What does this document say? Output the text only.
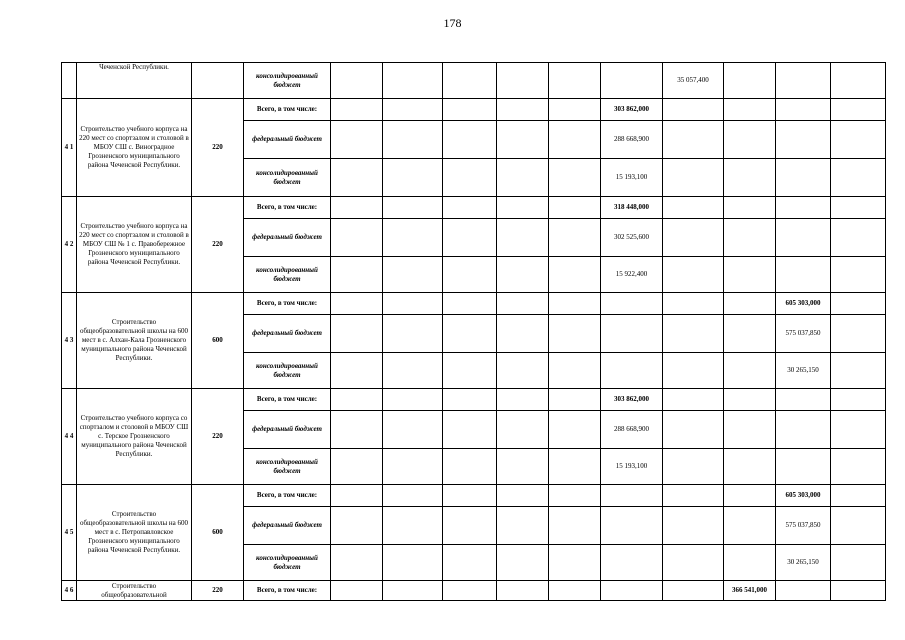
178
	Чеченской Республики.		консолидированный бюджет							35 057,400			
4 1	Строительство учебного корпуса на 220 мест со спортзалом и столовой в МБОУ СШ с. Виноградное Грозненского муниципального района Чеченской Республики.	220	Всего, в том числе:						303 862,000				
			федеральный бюджет						288 668,900				
			консолидированный бюджет						15 193,100				
4 2	Строительство учебного корпуса на 220 мест со спортзалом и столовой в МБОУ СШ № 1 с. Правобережное Грозненского муниципального района Чеченской Республики.	220	Всего, в том числе:						318 448,000				
			федеральный бюджет						302 525,600				
			консолидированный бюджет						15 922,400				
4 3	Строительство общеобразовательной школы на 600 мест в с. Алхан-Кала Грозненского муниципального района Чеченской Республики.	600	Всего, в том числе:									605 303,000	
			федеральный бюджет									575 037,850	
			консолидированный бюджет									30 265,150	
4 4	Строительство учебного корпуса со спортзалом и столовой в МБОУ СШ с. Терское Грозненского муниципального района Чеченской Республики.	220	Всего, в том числе:						303 862,000				
			федеральный бюджет						288 668,900				
			консолидированный бюджет						15 193,100				
4 5	Строительство общеобразовательной школы на 600 мест в с. Петропавловское Грозненского муниципального района Чеченской Республики.	600	Всего, в том числе:									605 303,000	
			федеральный бюджет									575 037,850	
			консолидированный бюджет									30 265,150	
4 6	Строительство общеобразовательной	220	Всего, в том числе:								366 541,000		
